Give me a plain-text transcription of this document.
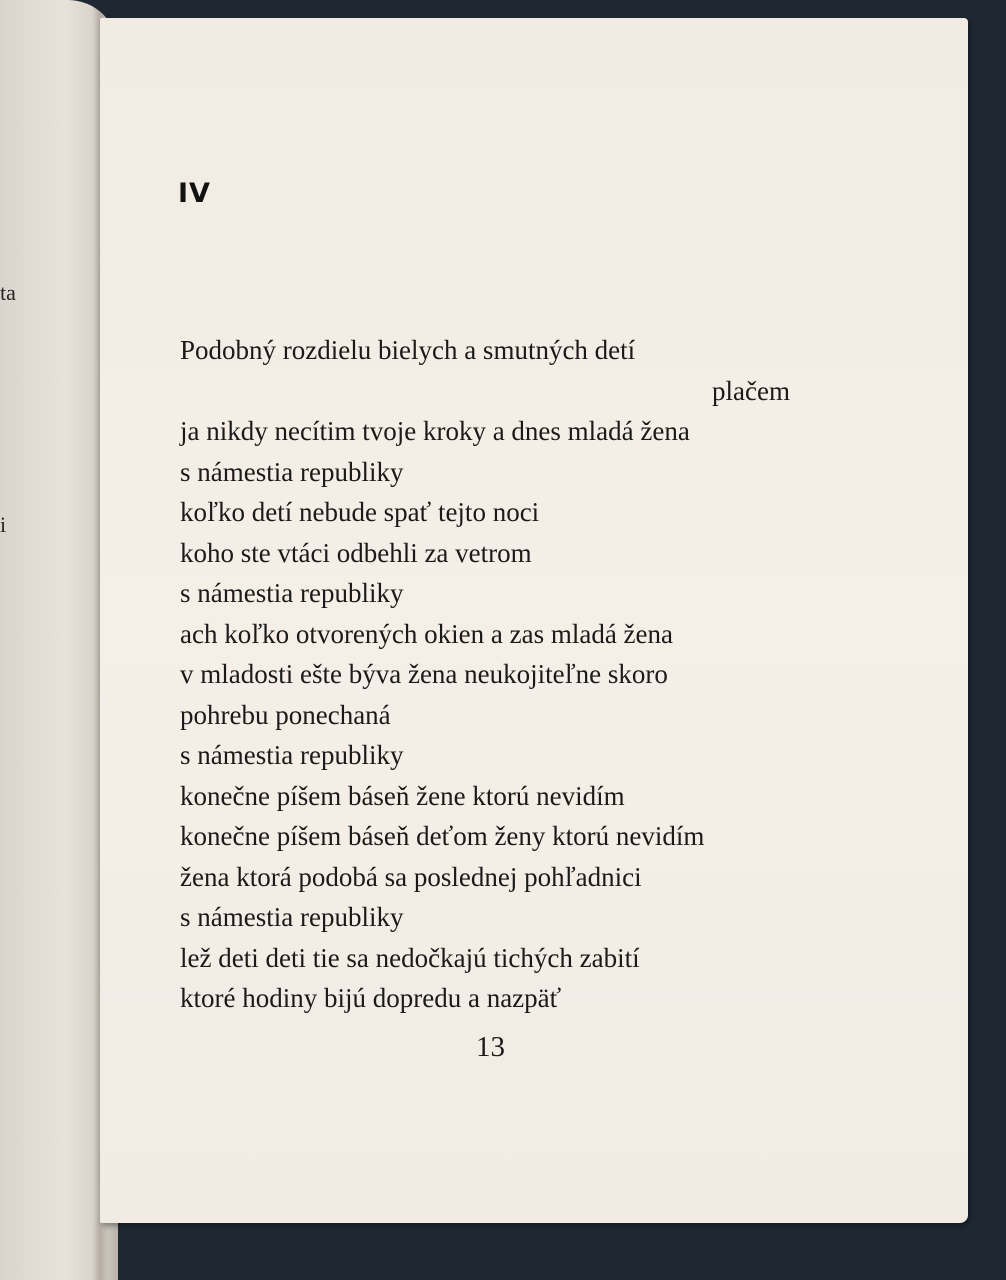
ta
i
IV
Podobný rozdielu bielych a smutných detí
plačem
ja nikdy necítim tvoje kroky a dnes mladá žena
s námestia republiky
koľko detí nebude spať tejto noci
koho ste vtáci odbehli za vetrom
s námestia republiky
ach koľko otvorených okien a zas mladá žena
v mladosti ešte býva žena neukojiteľne skoro
pohrebu ponechaná
s námestia republiky
konečne píšem báseň žene ktorú nevidím
konečne píšem báseň deťom ženy ktorú nevidím
žena ktorá podobá sa poslednej pohľadnici
s námestia republiky
lež deti deti tie sa nedočkajú tichých zabití
ktoré hodiny bijú dopredu a nazpäť
13
